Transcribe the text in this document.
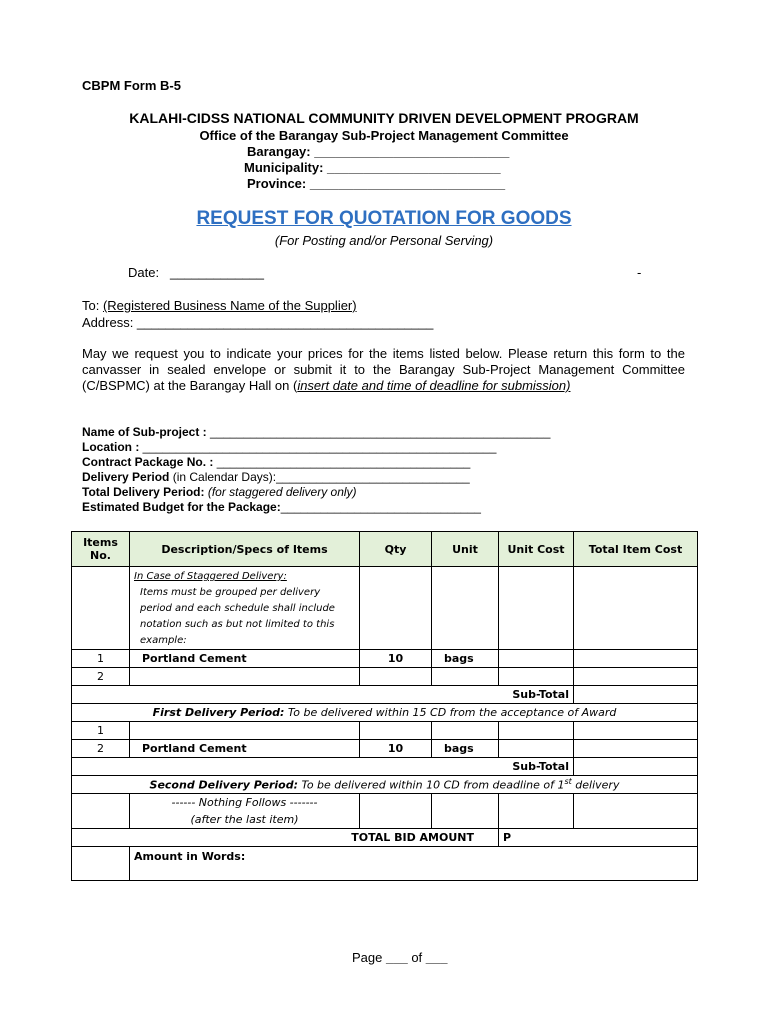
CBPM Form B-5
KALAHI-CIDSS NATIONAL COMMUNITY DRIVEN DEVELOPMENT PROGRAM
Office of the Barangay Sub-Project Management Committee
Barangay: ___________________________
Municipality: ________________________
Province: ___________________________
REQUEST FOR QUOTATION FOR GOODS
(For Posting and/or Personal Serving)
Date: _____________	-
To: (Registered Business Name of the Supplier)
Address: _________________________________________
May we request you to indicate your prices for the items listed below. Please return this form to the canvasser in sealed envelope or submit it to the Barangay Sub-Project Management Committee (C/BSPMC) at the Barangay Hall on (insert date and time of deadline for submission)
Name of Sub-project : ___________________________________________________
Location : _____________________________________________________
Contract Package No. : ______________________________________
Delivery Period (in Calendar Days):_____________________________
Total Delivery Period: (for staggered delivery only)
Estimated Budget for the Package:______________________________
Items No.	Description/Specs of Items	Qty	Unit	Unit Cost	Total Item Cost

	In Case of Staggered Delivery:
Items must be grouped per delivery period and each schedule shall include notation such as but not limited to this example:				

1	Portland Cement	10	bags		
2					
Sub-Total					
First Delivery Period: To be delivered within 15 CD from the acceptance of Award					
1					
2	Portland Cement	10	bags		
Sub-Total					
Second Delivery Period: To be delivered within 10 CD from deadline of 1st delivery					

	------ Nothing Follows -------
(after the last item)				

TOTAL BID AMOUNT				P	
	Amount in Words:				
Page ___ of ___
